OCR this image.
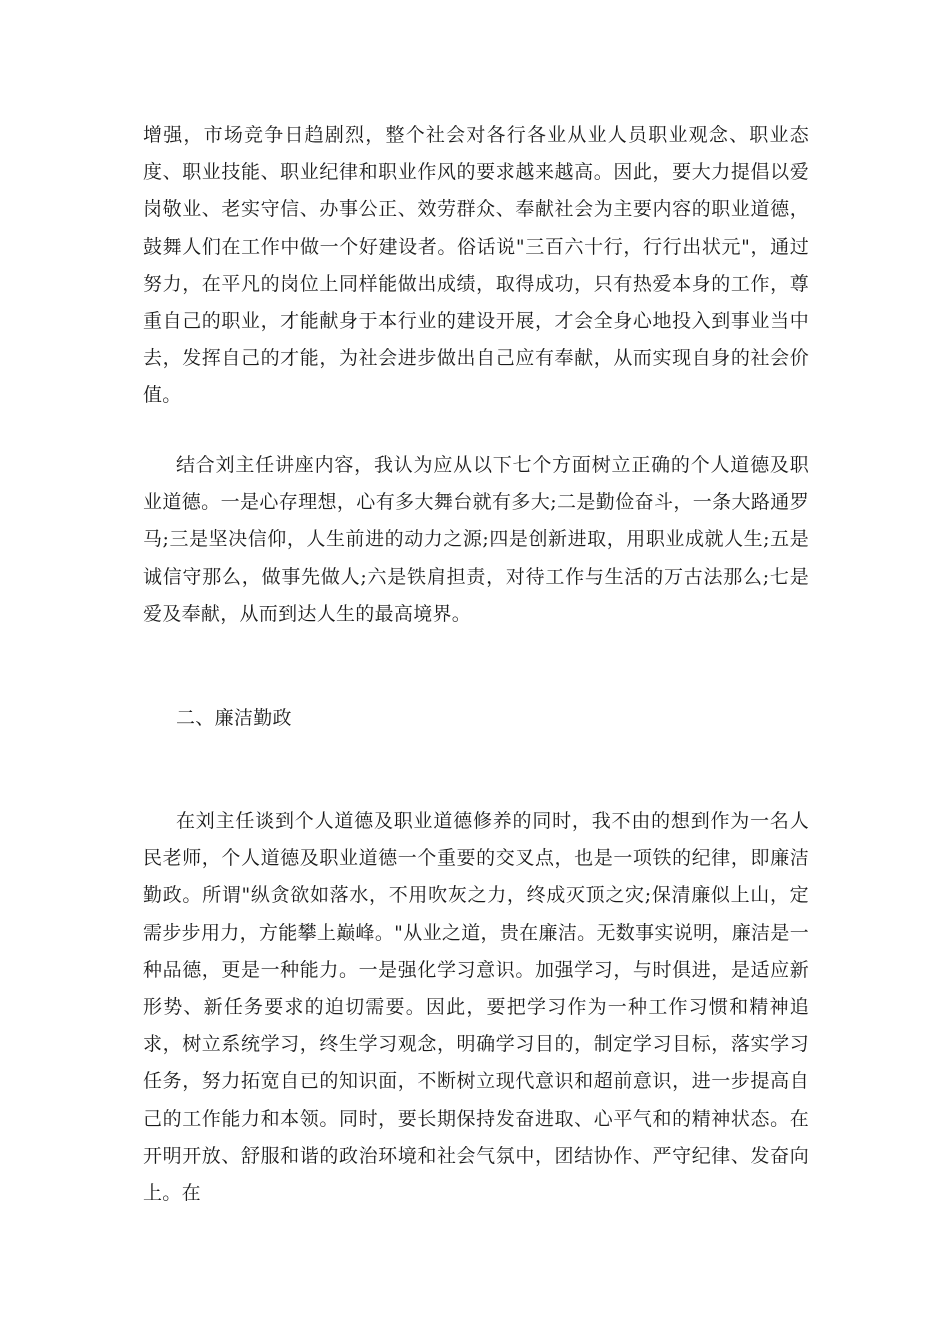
增强，市场竞争日趋剧烈，整个社会对各行各业从业人员职业观念、职业态度、职业技能、职业纪律和职业作风的要求越来越高。因此，要大力提倡以爱岗敬业、老实守信、办事公正、效劳群众、奉献社会为主要内容的职业道德，鼓舞人们在工作中做一个好建设者。俗话说"三百六十行，行行出状元"，通过努力，在平凡的岗位上同样能做出成绩，取得成功，只有热爱本身的工作，尊重自己的职业，才能献身于本行业的建设开展，才会全身心地投入到事业当中去，发挥自己的才能，为社会进步做出自己应有奉献，从而实现自身的社会价值。

结合刘主任讲座内容，我认为应从以下七个方面树立正确的个人道德及职业道德。一是心存理想，心有多大舞台就有多大;二是勤俭奋斗，一条大路通罗马;三是坚决信仰，人生前进的动力之源;四是创新进取，用职业成就人生;五是诚信守那么，做事先做人;六是铁肩担责，对待工作与生活的万古法那么;七是爱及奉献，从而到达人生的最高境界。

二、廉洁勤政

在刘主任谈到个人道德及职业道德修养的同时，我不由的想到作为一名人民老师，个人道德及职业道德一个重要的交叉点，也是一项铁的纪律，即廉洁勤政。所谓"纵贪欲如落水，不用吹灰之力，终成灭顶之灾;保清廉似上山，定需步步用力，方能攀上巅峰。"从业之道，贵在廉洁。无数事实说明，廉洁是一种品德，更是一种能力。一是强化学习意识。加强学习，与时俱进，是适应新形势、新任务要求的迫切需要。因此，要把学习作为一种工作习惯和精神追求，树立系统学习，终生学习观念，明确学习目的，制定学习目标，落实学习任务，努力拓宽自已的知识面，不断树立现代意识和超前意识，进一步提高自己的工作能力和本领。同时，要长期保持发奋进取、心平气和的精神状态。在开明开放、舒服和谐的政治环境和社会气氛中，团结协作、严守纪律、发奋向上。在
